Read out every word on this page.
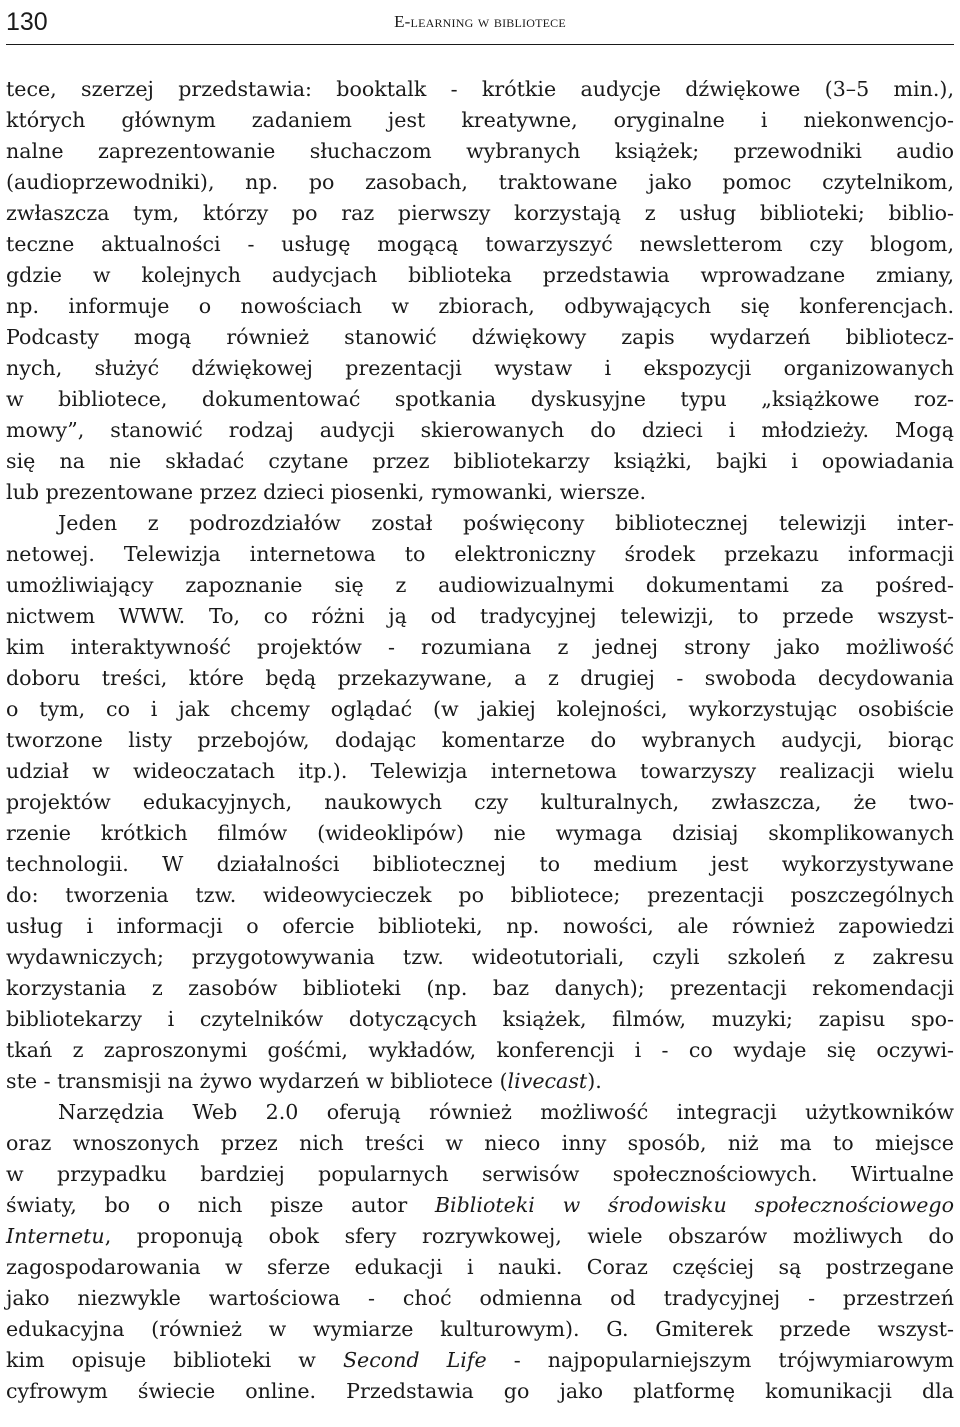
130	E-learning w bibliotece
tece, szerzej przedstawia: booktalk - krótkie audycje dźwiękowe (3–5 min.),
których głównym zadaniem jest kreatywne, oryginalne i niekonwencjo-
nalne zaprezentowanie słuchaczom wybranych książek; przewodniki audio
(audioprzewodniki), np. po zasobach, traktowane jako pomoc czytelnikom,
zwłaszcza tym, którzy po raz pierwszy korzystają z usług biblioteki; biblio-
teczne aktualności - usługę mogącą towarzyszyć newsletterom czy blogom,
gdzie w kolejnych audycjach biblioteka przedstawia wprowadzane zmiany,
np. informuje o nowościach w zbiorach, odbywających się konferencjach.
Podcasty mogą również stanowić dźwiękowy zapis wydarzeń bibliotecz-
nych, służyć dźwiękowej prezentacji wystaw i ekspozycji organizowanych
w bibliotece, dokumentować spotkania dyskusyjne typu „książkowe roz-
mowy”, stanowić rodzaj audycji skierowanych do dzieci i młodzieży. Mogą
się na nie składać czytane przez bibliotekarzy książki, bajki i opowiadania
lub prezentowane przez dzieci piosenki, rymowanki, wiersze.
Jeden z podrozdziałów został poświęcony bibliotecznej telewizji inter-
netowej. Telewizja internetowa to elektroniczny środek przekazu informacji
umożliwiający zapoznanie się z audiowizualnymi dokumentami za pośred-
nictwem WWW. To, co różni ją od tradycyjnej telewizji, to przede wszyst-
kim interaktywność projektów - rozumiana z jednej strony jako możliwość
doboru treści, które będą przekazywane, a z drugiej - swoboda decydowania
o tym, co i jak chcemy oglądać (w jakiej kolejności, wykorzystując osobiście
tworzone listy przebojów, dodając komentarze do wybranych audycji, biorąc
udział w wideoczatach itp.). Telewizja internetowa towarzyszy realizacji wielu
projektów edukacyjnych, naukowych czy kulturalnych, zwłaszcza, że two-
rzenie krótkich filmów (wideoklipów) nie wymaga dzisiaj skomplikowanych
technologii. W działalności bibliotecznej to medium jest wykorzystywane
do: tworzenia tzw. wideowycieczek po bibliotece; prezentacji poszczególnych
usług i informacji o ofercie biblioteki, np. nowości, ale również zapowiedzi
wydawniczych; przygotowywania tzw. wideotutoriali, czyli szkoleń z zakresu
korzystania z zasobów biblioteki (np. baz danych); prezentacji rekomendacji
bibliotekarzy i czytelników dotyczących książek, filmów, muzyki; zapisu spo-
tkań z zaproszonymi gośćmi, wykładów, konferencji i - co wydaje się oczywi-
ste - transmisji na żywo wydarzeń w bibliotece (livecast).
Narzędzia Web 2.0 oferują również możliwość integracji użytkowników
oraz wnoszonych przez nich treści w nieco inny sposób, niż ma to miejsce
w przypadku bardziej popularnych serwisów społecznościowych. Wirtualne
światy, bo o nich pisze autor Biblioteki w środowisku społecznościowego
Internetu, proponują obok sfery rozrywkowej, wiele obszarów możliwych do
zagospodarowania w sferze edukacji i nauki. Coraz częściej są postrzegane
jako niezwykle wartościowa - choć odmienna od tradycyjnej - przestrzeń
edukacyjna (również w wymiarze kulturowym). G. Gmiterek przede wszyst-
kim opisuje biblioteki w Second Life - najpopularniejszym trójwymiarowym
cyfrowym świecie online. Przedstawia go jako platformę komunikacji dla
